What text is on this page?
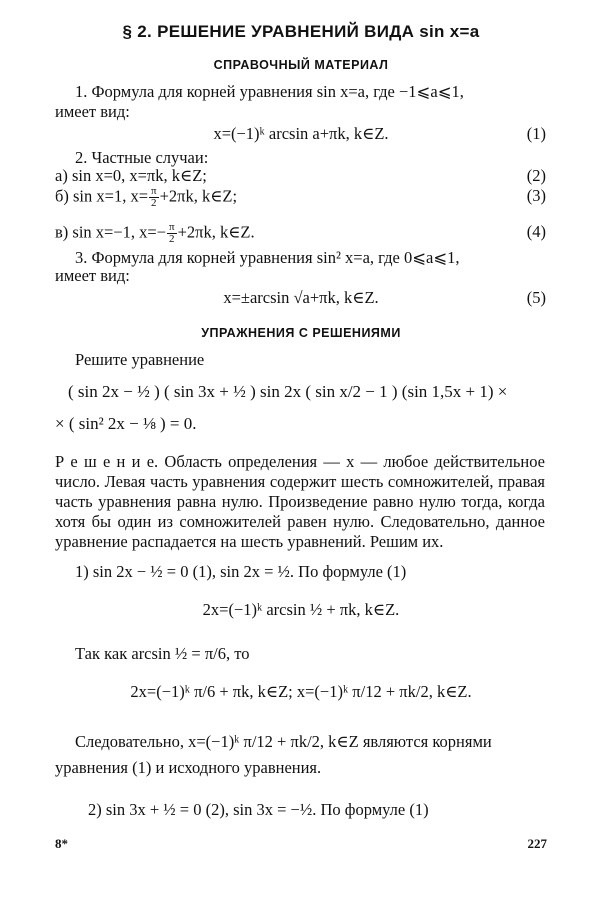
§ 2. РЕШЕНИЕ УРАВНЕНИЙ ВИДА sin x=a
СПРАВОЧНЫЙ МАТЕРИАЛ
1. Формула для корней уравнения sin x=a, где −1⩽a⩽1,
имеет вид:
x=(−1)ᵏ arcsin a+πk, k∈Z.	(1)
2. Частные случаи:
а) sin x=0, x=πk, k∈Z;	(2)
б) sin x=1, $x= \frac{\pi}{2} +2\pi k$, k∈Z;	(3)
в) sin x=−1, $x=- \frac{\pi}{2} +2\pi k$, k∈Z.	(4)
3. Формула для корней уравнения sin² x=a, где 0⩽a⩽1,
имеет вид:
x=±arcsin √a+πk, k∈Z.	(5)
УПРАЖНЕНИЯ С РЕШЕНИЯМИ
Решите уравнение
( sin 2x − ½ ) ( sin 3x + ½ ) sin 2x ( sin x/2 − 1 ) (sin 1,5x + 1) ×
× ( sin² 2x − ⅛ ) = 0.
Р е ш е н и е. Область определения — x — любое действительное число. Левая часть уравнения содержит шесть сомножителей, правая часть уравнения равна нулю. Произведение равно нулю тогда, когда хотя бы один из сомножителей равен нулю. Следовательно, данное уравнение распадается на шесть уравнений. Решим их.
1) sin 2x − ½ = 0 (1), sin 2x = ½. По формуле (1)
2x=(−1)ᵏ arcsin ½ + πk, k∈Z.
Так как arcsin ½ = π/6, то
2x=(−1)ᵏ π/6 + πk, k∈Z; x=(−1)ᵏ π/12 + πk/2, k∈Z.
Следовательно, x=(−1)ᵏ π/12 + πk/2, k∈Z являются корнями
уравнения (1) и исходного уравнения.
2) sin 3x + ½ = 0 (2), sin 3x = −½. По формуле (1)
8*	227
